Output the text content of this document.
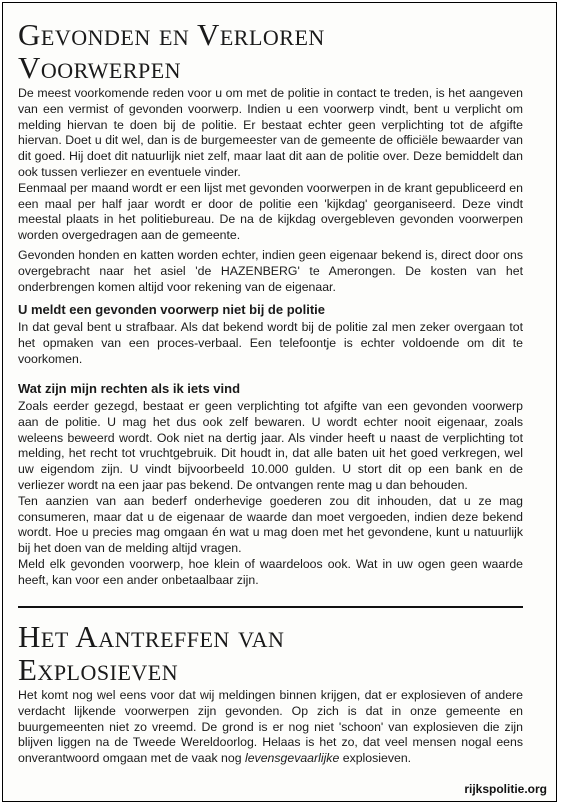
Gevonden en Verloren
Voorwerpen

De meest voorkomende reden voor u om met de politie in contact te treden, is het aangeven van een vermist of gevonden voorwerp. Indien u een voorwerp vindt, bent u verplicht om melding hiervan te doen bij de politie. Er bestaat echter geen verplichting tot de afgifte hiervan. Doet u dit wel, dan is de burgemeester van de gemeente de officiële bewaarder van dit goed. Hij doet dit natuurlijk niet zelf, maar laat dit aan de politie over. Deze bemiddelt dan ook tussen verliezer en eventuele vinder.

Eenmaal per maand wordt er een lijst met gevonden voorwerpen in de krant gepubliceerd en een maal per half jaar wordt er door de politie een 'kijkdag' georganiseerd. Deze vindt meestal plaats in het politiebureau. De na de kijkdag overgebleven gevonden voorwerpen worden overgedragen aan de gemeente.

Gevonden honden en katten worden echter, indien geen eigenaar bekend is, direct door ons overgebracht naar het asiel 'de HAZENBERG' te Amerongen. De kosten van het onderbrengen komen altijd voor rekening van de eigenaar.

U meldt een gevonden voorwerp niet bij de politie

In dat geval bent u strafbaar. Als dat bekend wordt bij de politie zal men zeker overgaan tot het opmaken van een proces-verbaal. Een telefoontje is echter voldoende om dit te voorkomen.

Wat zijn mijn rechten als ik iets vind

Zoals eerder gezegd, bestaat er geen verplichting tot afgifte van een gevonden voorwerp aan de politie. U mag het dus ook zelf bewaren. U wordt echter nooit eigenaar, zoals weleens beweerd wordt. Ook niet na dertig jaar. Als vinder heeft u naast de verplichting tot melding, het recht tot vruchtgebruik. Dit houdt in, dat alle baten uit het goed verkregen, wel uw eigendom zijn. U vindt bijvoorbeeld 10.000 gulden. U stort dit op een bank en de verliezer wordt na een jaar pas bekend. De ontvangen rente mag u dan behouden.

Ten aanzien van aan bederf onderhevige goederen zou dit inhouden, dat u ze mag consumeren, maar dat u de eigenaar de waarde dan moet vergoeden, indien deze bekend wordt. Hoe u precies mag omgaan én wat u mag doen met het gevondene, kunt u natuurlijk bij het doen van de melding altijd vragen.

Meld elk gevonden voorwerp, hoe klein of waardeloos ook. Wat in uw ogen geen waarde heeft, kan voor een ander onbetaalbaar zijn.

Het Aantreffen van
Explosieven

Het komt nog wel eens voor dat wij meldingen binnen krijgen, dat er explosieven of andere verdacht lijkende voorwerpen zijn gevonden. Op zich is dat in onze gemeente en buurgemeenten niet zo vreemd. De grond is er nog niet 'schoon' van explosieven die zijn blijven liggen na de Tweede Wereldoorlog. Helaas is het zo, dat veel mensen nogal eens onverantwoord omgaan met de vaak nog levensgevaarlijke explosieven.

rijkspolitie.org
